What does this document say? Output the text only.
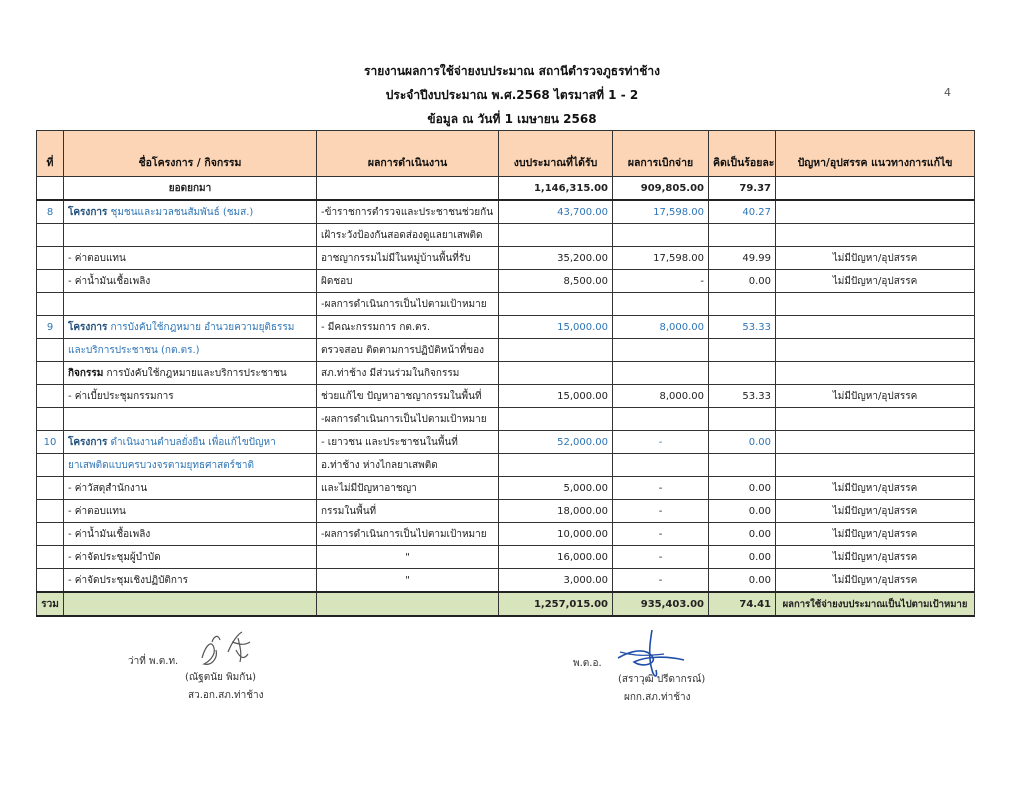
รายงานผลการใช้จ่ายงบประมาณ สถานีตำรวจภูธรท่าช้าง
ประจำปีงบประมาณ พ.ศ.2568 ไตรมาสที่ 1 - 2
ข้อมูล ณ วันที่ 1 เมษายน 2568
4
ที่	ชื่อโครงการ / กิจกรรม	ผลการดำเนินงาน	งบประมาณที่ได้รับ	ผลการเบิกจ่าย	คิดเป็นร้อยละ	ปัญหา/อุปสรรค แนวทางการแก้ไข
	ยอดยกมา		1,146,315.00	909,805.00	79.37	
8	โครงการ ชุมชนและมวลชนสัมพันธ์ (ชมส.)	-ข้าราชการตำรวจและประชาชนช่วยกัน	43,700.00	17,598.00	40.27	
		เฝ้าระวังป้องกันสอดส่องดูแลยาเสพติด				
	- ค่าตอบแทน	อาชญากรรมไม่มีในหมู่บ้านพื้นที่รับ	35,200.00	17,598.00	49.99	ไม่มีปัญหา/อุปสรรค
	- ค่าน้ำมันเชื้อเพลิง	ผิดชอบ	8,500.00	-	0.00	ไม่มีปัญหา/อุปสรรค
		-ผลการดำเนินการเป็นไปตามเป้าหมาย				
9	โครงการ การบังคับใช้กฎหมาย อำนวยความยุติธรรม	- มีคณะกรรมการ กต.ตร.	15,000.00	8,000.00	53.33	
	และบริการประชาชน (กต.ตร.)	ตรวจสอบ ติดตามการปฏิบัติหน้าที่ของ				
	กิจกรรม การบังคับใช้กฎหมายและบริการประชาชน	สภ.ท่าช้าง มีส่วนร่วมในกิจกรรม				
	- ค่าเบี้ยประชุมกรรมการ	ช่วยแก้ไข ปัญหาอาชญากรรมในพื้นที่	15,000.00	8,000.00	53.33	ไม่มีปัญหา/อุปสรรค
		-ผลการดำเนินการเป็นไปตามเป้าหมาย				
10	โครงการ ดำเนินงานตำบลยั่งยืน เพื่อแก้ไขปัญหา	- เยาวชน และประชาชนในพื้นที่	52,000.00	-	0.00	
	ยาเสพติดแบบครบวงจรตามยุทธศาสตร์ชาติ	อ.ท่าช้าง ห่างไกลยาเสพติด				
	- ค่าวัสดุสำนักงาน	และไม่มีปัญหาอาชญา	5,000.00	-	0.00	ไม่มีปัญหา/อุปสรรค
	- ค่าตอบแทน	กรรมในพื้นที่	18,000.00	-	0.00	ไม่มีปัญหา/อุปสรรค
	- ค่าน้ำมันเชื้อเพลิง	-ผลการดำเนินการเป็นไปตามเป้าหมาย	10,000.00	-	0.00	ไม่มีปัญหา/อุปสรรค
	- ค่าจัดประชุมผู้บำบัด	"	16,000.00	-	0.00	ไม่มีปัญหา/อุปสรรค
	- ค่าจัดประชุมเชิงปฏิบัติการ	"	3,000.00	-	0.00	ไม่มีปัญหา/อุปสรรค
รวม			1,257,015.00	935,403.00	74.41	ผลการใช้จ่ายงบประมาณเป็นไปตามเป้าหมาย
ว่าที่ พ.ต.ท.
(ณัฐตนัย พิมกัน)
สว.อก.สภ.ท่าช้าง
พ.ต.อ.
(สราวุฒิ ปรีดากรณ์)
ผกก.สภ.ท่าช้าง
